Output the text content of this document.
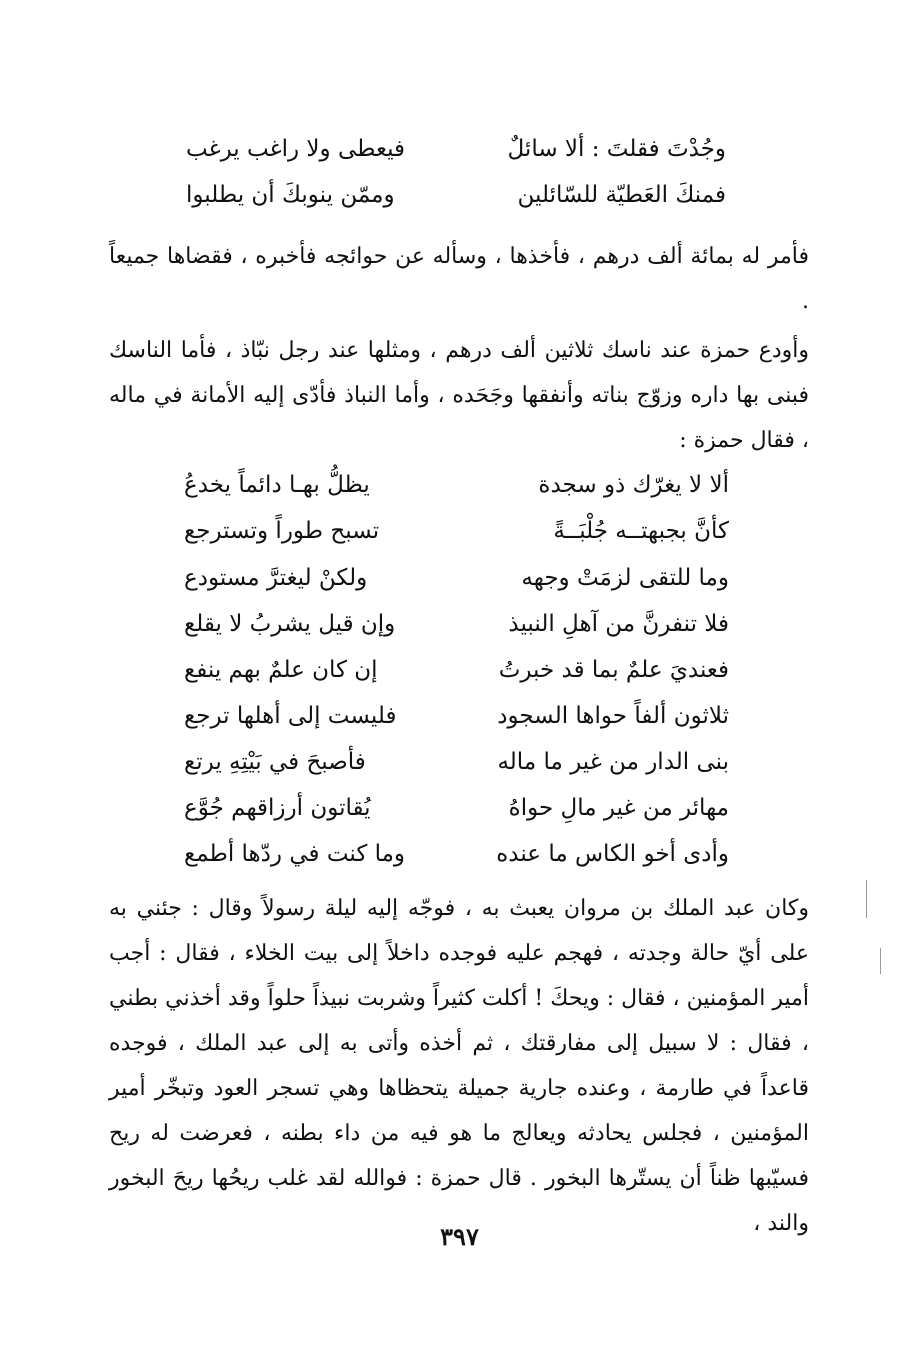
وجُدْتَ فقلتَ : ألا سائلٌ
فيعطى ولا راغب يرغب
فمنكَ العَطيّة للسّائلين
وممّن ينوبكَ أن يطلبوا

فأمر له بمائة ألف درهم ، فأخذها ، وسأله عن حوائجه فأخبره ، فقضاها جميعاً .

وأودع حمزة عند ناسك ثلاثين ألف درهم ، ومثلها عند رجل نبّاذ ، فأما الناسك فبنى بها داره وزوّج بناته وأنفقها وجَحَده ، وأما النباذ فأدّى إليه الأمانة في ماله ، فقال حمزة :

ألا لا يغرّك ذو سجدة
يظلُّ بهـا دائماً يخدعُ
كأنَّ بجبهتــه جُلْبَــةً
تسبح طوراً وتسترجع
وما للتقى لزمَتْ وجهه
ولكنْ ليغترَّ مستودع
فلا تنفرنَّ من آهلِ النبيذ
وإن قيل يشربُ لا يقلع
فعنديَ علمٌ بما قد خبرتُ
إن كان علمٌ بهم ينفع
ثلاثون ألفاً حواها السجود
فليست إلى أهلها ترجع
بنى الدار من غير ما ماله
فأصبحَ في بَيْتِهِ يرتع
مهائر من غير مالِ حواهُ
يُقاتون أرزاقهم جُوَّع
وأدى أخو الكاس ما عنده
وما كنت في ردّها أطمع

وكان عبد الملك بن مروان يعبث به ، فوجّه إليه ليلة رسولاً وقال : جئني به على أيّ حالة وجدته ، فهجم عليه فوجده داخلاً إلى بيت الخلاء ، فقال : أجب أمير المؤمنين ، فقال : ويحكَ ! أكلت كثيراً وشربت نبيذاً حلواً وقد أخذني بطني ، فقال : لا سبيل إلى مفارقتك ، ثم أخذه وأتى به إلى عبد الملك ، فوجده قاعداً في طارمة ، وعنده جارية جميلة يتحظاها وهي تسجر العود وتبخّر أمير المؤمنين ، فجلس يحادثه ويعالج ما هو فيه من داء بطنه ، فعرضت له ريح فسيّبها ظناً أن يستّرها البخور . قال حمزة : فوالله لقد غلب ريحُها ريحَ البخور والند ،

٣٩٧
